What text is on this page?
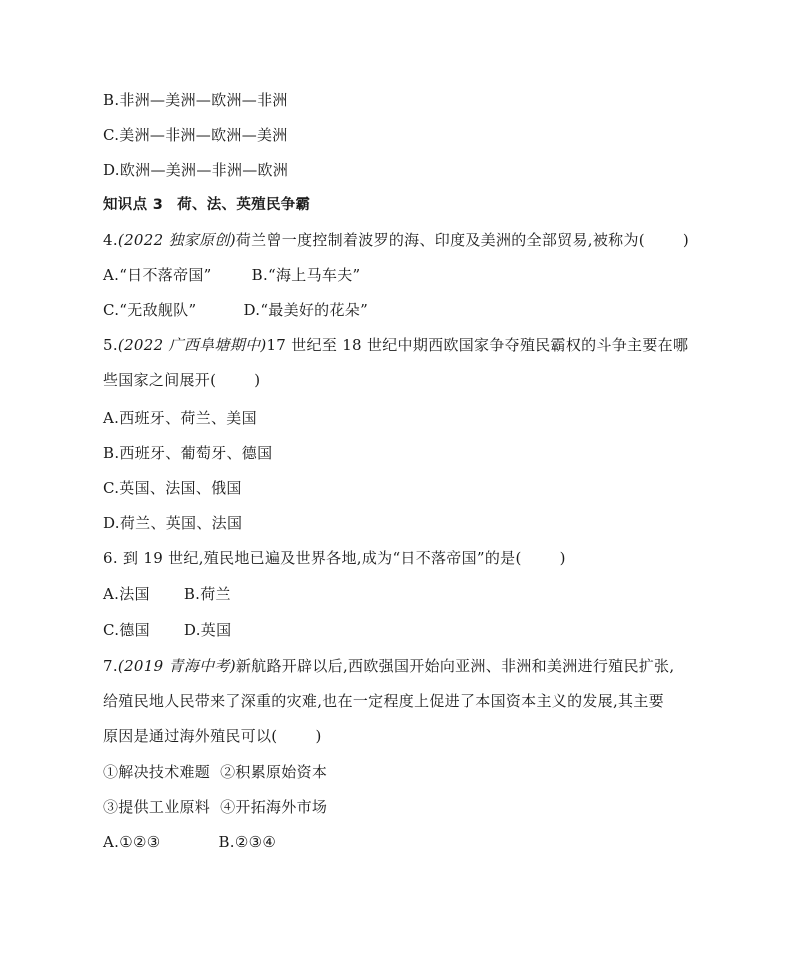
B.非洲—美洲—欧洲—非洲
C.美洲—非洲—欧洲—美洲
D.欧洲—美洲—非洲—欧洲
知识点 3 荷、法、英殖民争霸
4.(2022 独家原创)荷兰曾一度控制着波罗的海、印度及美洲的全部贸易,被称为(	)
A.“日不落帝国”	B.“海上马车夫”
C.“无敌舰队”	D.“最美好的花朵”
5.(2022 广西阜塘期中)17 世纪至 18 世纪中期西欧国家争夺殖民霸权的斗争主要在哪
些国家之间展开(	)
A.西班牙、荷兰、美国
B.西班牙、葡萄牙、德国
C.英国、法国、俄国
D.荷兰、英国、法国
6. 到 19 世纪,殖民地已遍及世界各地,成为“日不落帝国”的是(	)
A.法国 B.荷兰
C.德国 D.英国
7.(2019 青海中考)新航路开辟以后,西欧强国开始向亚洲、非洲和美洲进行殖民扩张,
给殖民地人民带来了深重的灾难,也在一定程度上促进了本国资本主义的发展,其主要
原因是通过海外殖民可以(	)
①解决技术难题 ②积累原始资本
③提供工业原料 ④开拓海外市场
A.①②③	B.②③④
